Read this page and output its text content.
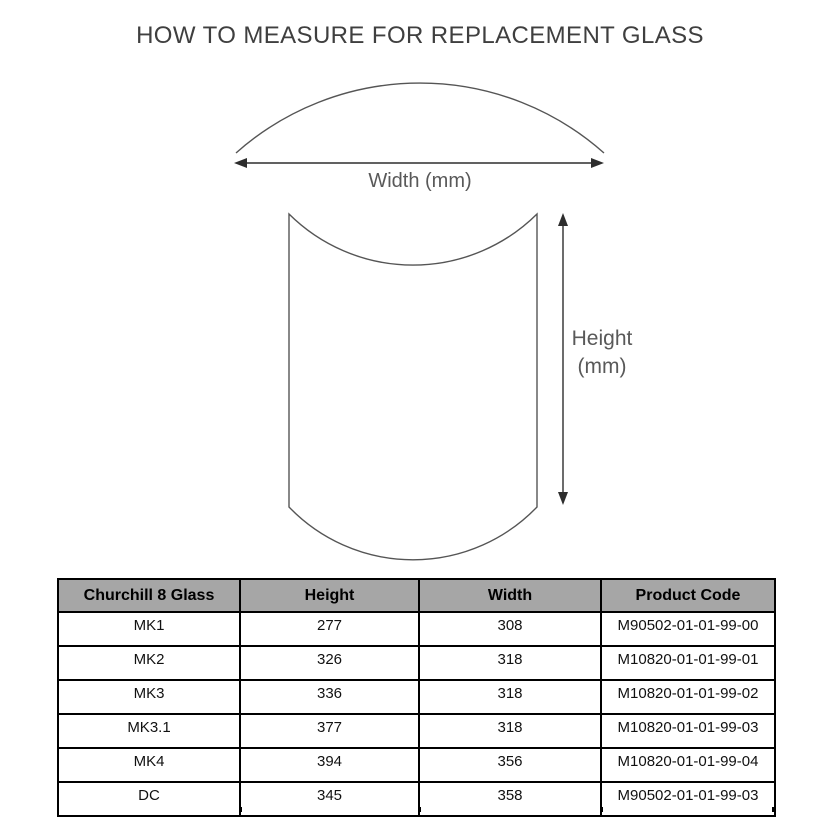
HOW TO MEASURE FOR REPLACEMENT GLASS
Width (mm)
Height
(mm)
Churchill 8 Glass	Height	Width	Product Code
MK1	277	308	M90502-01-01-99-00
MK2	326	318	M10820-01-01-99-01
MK3	336	318	M10820-01-01-99-02
MK3.1	377	318	M10820-01-01-99-03
MK4	394	356	M10820-01-01-99-04
DC	345	358	M90502-01-01-99-03
